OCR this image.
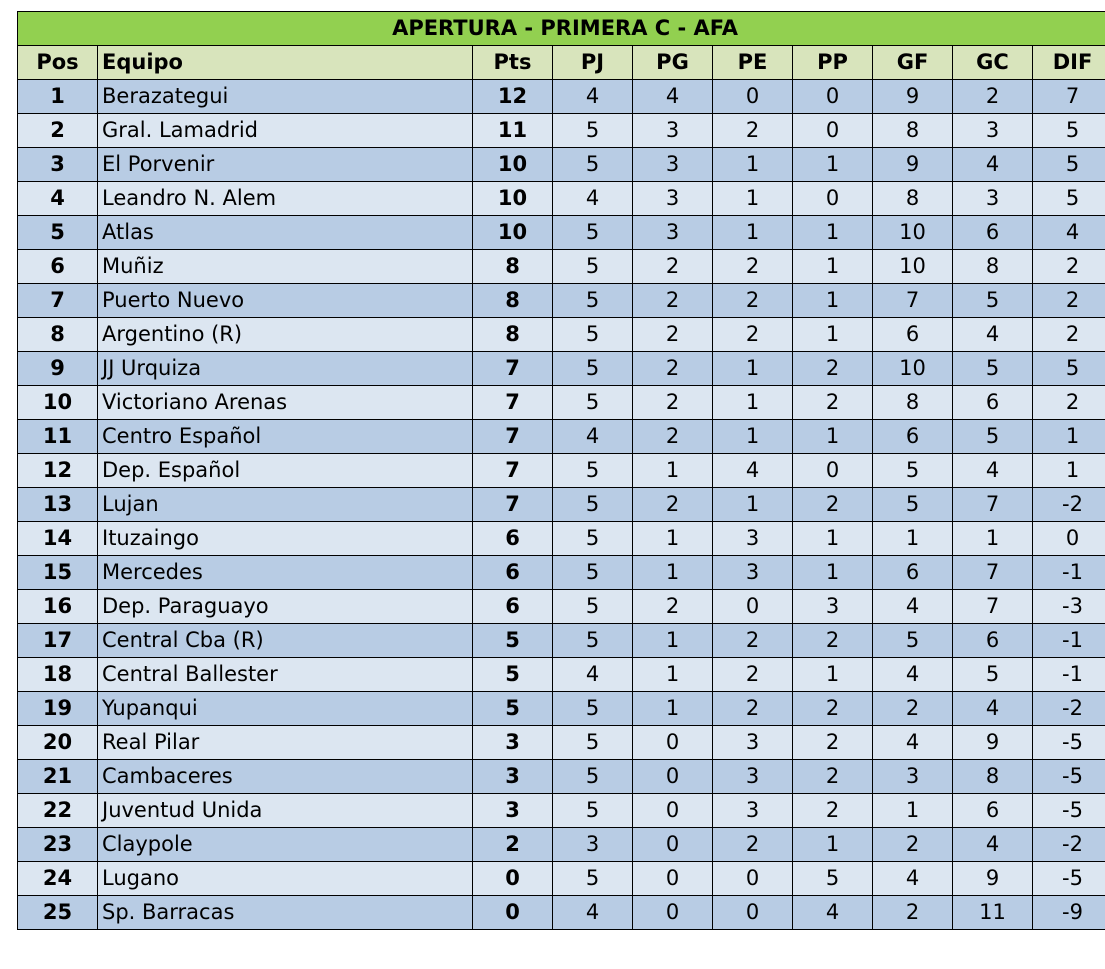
APERTURA - PRIMERA C - AFA									
Pos	Equipo	Pts	PJ	PG	PE	PP	GF	GC	DIF
1	Berazategui	12	4	4	0	0	9	2	7
2	Gral. Lamadrid	11	5	3	2	0	8	3	5
3	El Porvenir	10	5	3	1	1	9	4	5
4	Leandro N. Alem	10	4	3	1	0	8	3	5
5	Atlas	10	5	3	1	1	10	6	4
6	Muñiz	8	5	2	2	1	10	8	2
7	Puerto Nuevo	8	5	2	2	1	7	5	2
8	Argentino (R)	8	5	2	2	1	6	4	2
9	JJ Urquiza	7	5	2	1	2	10	5	5
10	Victoriano Arenas	7	5	2	1	2	8	6	2
11	Centro Español	7	4	2	1	1	6	5	1
12	Dep. Español	7	5	1	4	0	5	4	1
13	Lujan	7	5	2	1	2	5	7	-2
14	Ituzaingo	6	5	1	3	1	1	1	0
15	Mercedes	6	5	1	3	1	6	7	-1
16	Dep. Paraguayo	6	5	2	0	3	4	7	-3
17	Central Cba (R)	5	5	1	2	2	5	6	-1
18	Central Ballester	5	4	1	2	1	4	5	-1
19	Yupanqui	5	5	1	2	2	2	4	-2
20	Real Pilar	3	5	0	3	2	4	9	-5
21	Cambaceres	3	5	0	3	2	3	8	-5
22	Juventud Unida	3	5	0	3	2	1	6	-5
23	Claypole	2	3	0	2	1	2	4	-2
24	Lugano	0	5	0	0	5	4	9	-5
25	Sp. Barracas	0	4	0	0	4	2	11	-9
